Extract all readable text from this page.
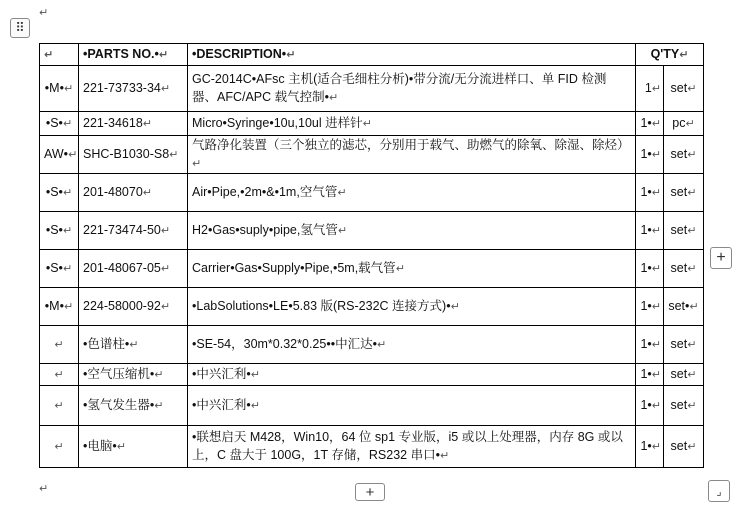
⠿
↵
↵	•PARTS NO.•↵	•DESCRIPTION•↵	Q'TY↵	
•M•↵	221-73733-34↵	GC-2014C•AFsc 主机(适合毛细柱分析)•带分流/无分流进样口、单 FID 检测器、AFC/APC 载气控制•↵	1↵	set↵
•S•↵	221-34618↵	Micro•Syringe•10u,10ul 进样针↵	1•↵	pc↵
AW•↵	SHC-B1030-S8↵	气路净化装置（三个独立的滤芯，分别用于载气、助燃气的除氧、除湿、除烃）↵	1•↵	set↵
•S•↵	201-48070↵	Air•Pipe,•2m•&•1m,空气管↵	1•↵	set↵
•S•↵	221-73474-50↵	H2•Gas•suply•pipe,氢气管↵	1•↵	set↵
•S•↵	201-48067-05↵	Carrier•Gas•Supply•Pipe,•5m,载气管↵	1•↵	set↵
•M•↵	224-58000-92↵	•LabSolutions•LE•5.83 版(RS-232C 连接方式)•↵	1•↵	set•↵
↵	•色谱柱•↵	•SE-54，30m*0.32*0.25••中汇达•↵	1•↵	set↵
↵	•空气压缩机•↵	•中兴汇利•↵	1•↵	set↵
↵	•氢气发生器•↵	•中兴汇利•↵	1•↵	set↵
↵	•电脑•↵	•联想启天 M428，Win10，64 位 sp1 专业版，i5 或以上处理器，内存 8G 或以上，C 盘大于 100G，1T 存储，RS232 串口•↵	1•↵	set↵
+
↵	+	⌟
